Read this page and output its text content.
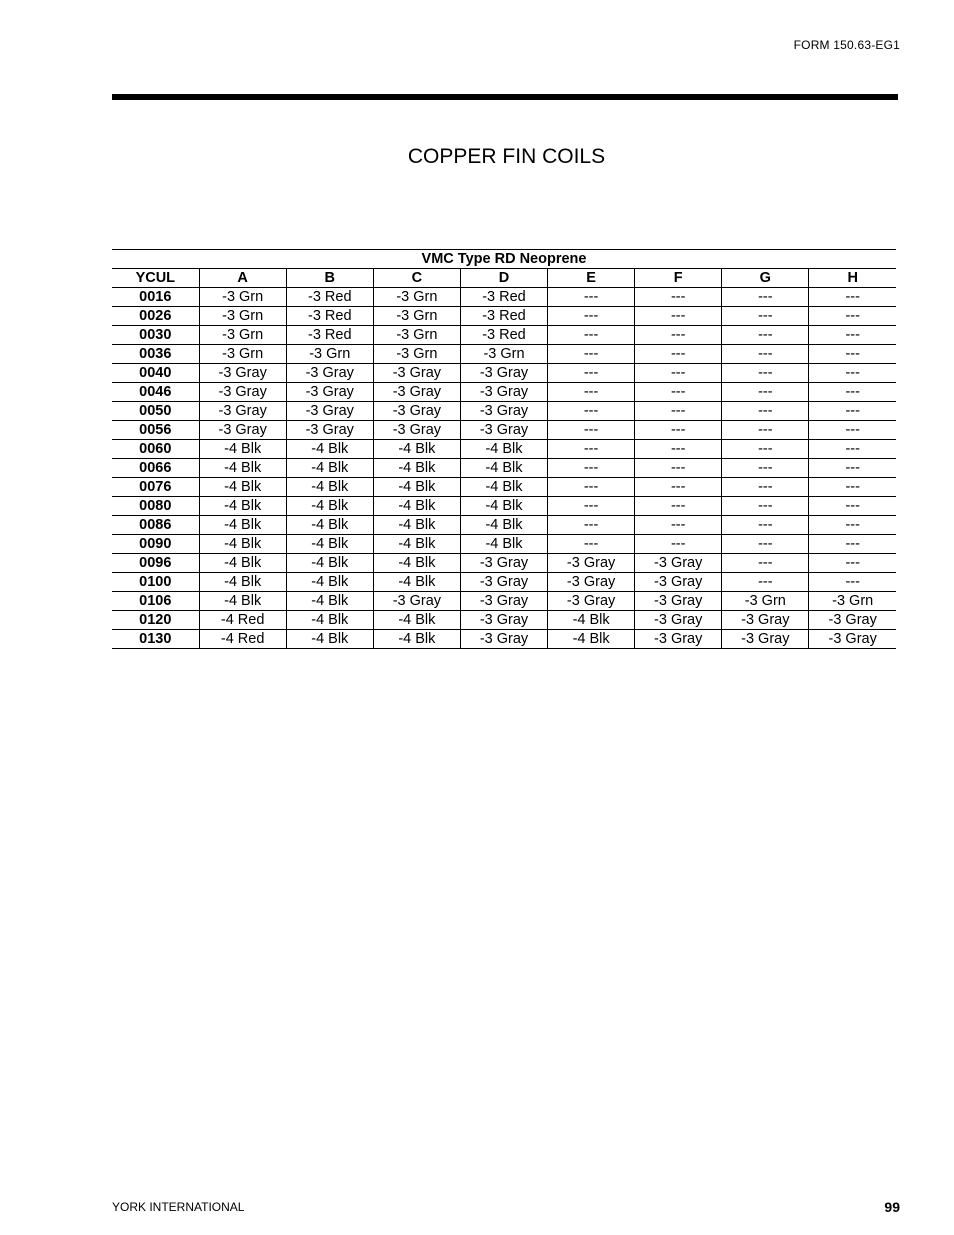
FORM 150.63-EG1
COPPER FIN COILS
VMC Type RD Neoprene								
YCUL	A	B	C	D	E	F	G	H
0016	-3 Grn	-3 Red	-3 Grn	-3 Red	---	---	---	---
0026	-3 Grn	-3 Red	-3 Grn	-3 Red	---	---	---	---
0030	-3 Grn	-3 Red	-3 Grn	-3 Red	---	---	---	---
0036	-3 Grn	-3 Grn	-3 Grn	-3 Grn	---	---	---	---
0040	-3 Gray	-3 Gray	-3 Gray	-3 Gray	---	---	---	---
0046	-3 Gray	-3 Gray	-3 Gray	-3 Gray	---	---	---	---
0050	-3 Gray	-3 Gray	-3 Gray	-3 Gray	---	---	---	---
0056	-3 Gray	-3 Gray	-3 Gray	-3 Gray	---	---	---	---
0060	-4 Blk	-4 Blk	-4 Blk	-4 Blk	---	---	---	---
0066	-4 Blk	-4 Blk	-4 Blk	-4 Blk	---	---	---	---
0076	-4 Blk	-4 Blk	-4 Blk	-4 Blk	---	---	---	---
0080	-4 Blk	-4 Blk	-4 Blk	-4 Blk	---	---	---	---
0086	-4 Blk	-4 Blk	-4 Blk	-4 Blk	---	---	---	---
0090	-4 Blk	-4 Blk	-4 Blk	-4 Blk	---	---	---	---
0096	-4 Blk	-4 Blk	-4 Blk	-3 Gray	-3 Gray	-3 Gray	---	---
0100	-4 Blk	-4 Blk	-4 Blk	-3 Gray	-3 Gray	-3 Gray	---	---
0106	-4 Blk	-4 Blk	-3 Gray	-3 Gray	-3 Gray	-3 Gray	-3 Grn	-3 Grn
0120	-4 Red	-4 Blk	-4 Blk	-3 Gray	-4 Blk	-3 Gray	-3 Gray	-3 Gray
0130	-4 Red	-4 Blk	-4 Blk	-3 Gray	-4 Blk	-3 Gray	-3 Gray	-3 Gray
YORK INTERNATIONAL	99
